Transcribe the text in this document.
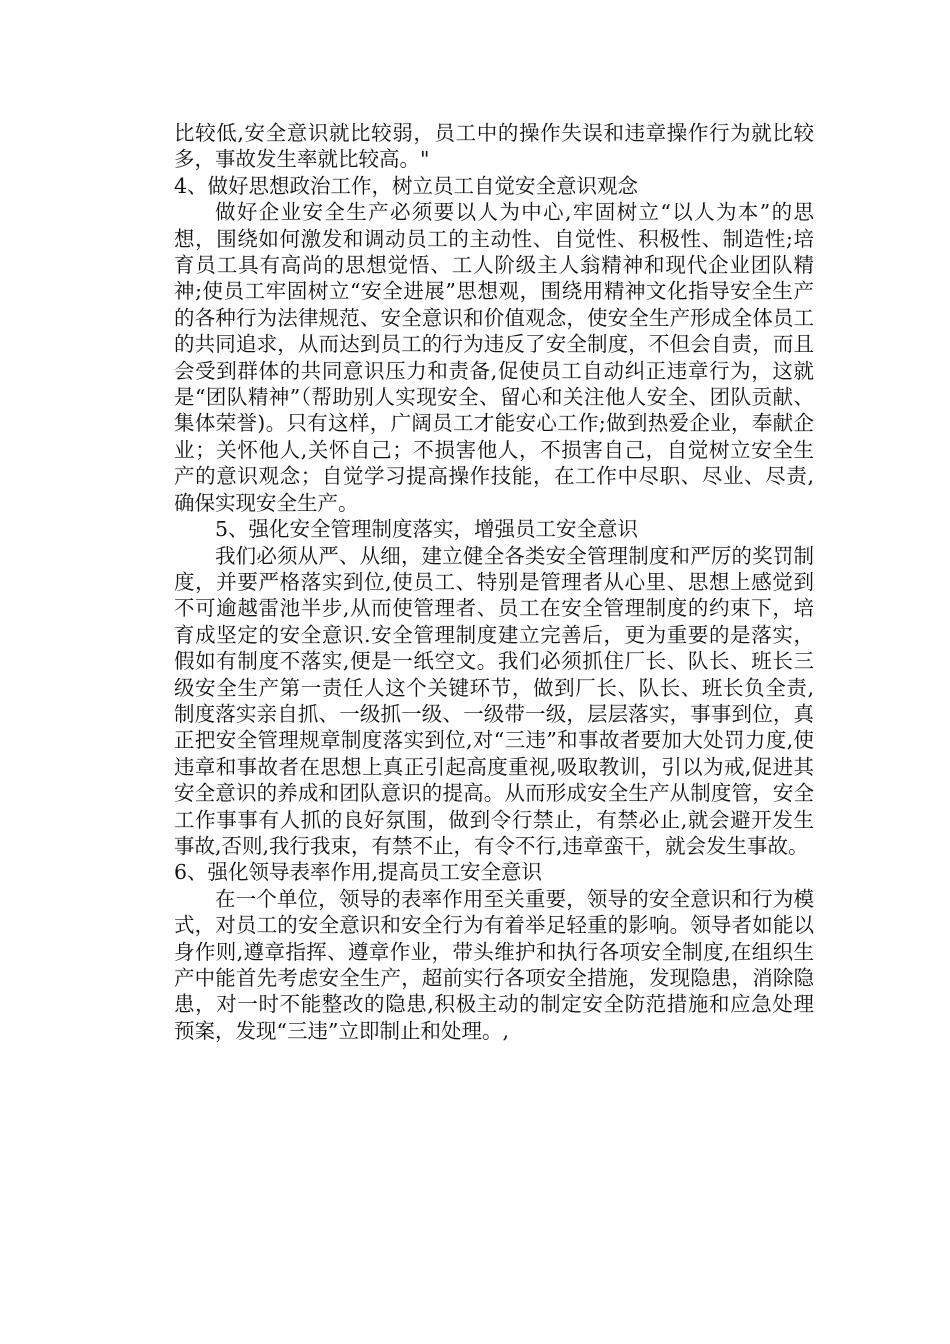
比较低,安全意识就比较弱，员工中的操作失误和违章操作行为就比较多，事故发生率就比较高。"

4、做好思想政治工作，树立员工自觉安全意识观念

做好企业安全生产必须要以人为中心,牢固树立“以人为本”的思想，围绕如何激发和调动员工的主动性、自觉性、积极性、制造性;培育员工具有高尚的思想觉悟、工人阶级主人翁精神和现代企业团队精神;使员工牢固树立“安全进展”思想观，围绕用精神文化指导安全生产的各种行为法律规范、安全意识和价值观念，使安全生产形成全体员工的共同追求，从而达到员工的行为违反了安全制度，不但会自责，而且会受到群体的共同意识压力和责备,促使员工自动纠正违章行为，这就是“团队精神”（帮助别人实现安全、留心和关注他人安全、团队贡献、集体荣誉)。只有这样，广阔员工才能安心工作;做到热爱企业，奉献企业；关怀他人,关怀自己；不损害他人，不损害自己，自觉树立安全生产的意识观念；自觉学习提高操作技能，在工作中尽职、尽业、尽责,确保实现安全生产。

5、强化安全管理制度落实，增强员工安全意识

我们必须从严、从细，建立健全各类安全管理制度和严厉的奖罚制度，并要严格落实到位,使员工、特别是管理者从心里、思想上感觉到不可逾越雷池半步,从而使管理者、员工在安全管理制度的约束下，培育成坚定的安全意识.安全管理制度建立完善后，更为重要的是落实，假如有制度不落实,便是一纸空文。我们必须抓住厂长、队长、班长三级安全生产第一责任人这个关键环节，做到厂长、队长、班长负全责,制度落实亲自抓、一级抓一级、一级带一级，层层落实，事事到位，真正把安全管理规章制度落实到位,对“三违”和事故者要加大处罚力度,使违章和事故者在思想上真正引起高度重视,吸取教训，引以为戒,促进其安全意识的养成和团队意识的提高。从而形成安全生产从制度管，安全工作事事有人抓的良好氛围，做到令行禁止，有禁必止,就会避开发生事故,否则,我行我束，有禁不止，有令不行,违章蛮干，就会发生事故。

6、强化领导表率作用,提高员工安全意识

在一个单位，领导的表率作用至关重要，领导的安全意识和行为模式，对员工的安全意识和安全行为有着举足轻重的影响。领导者如能以身作则,遵章指挥、遵章作业，带头维护和执行各项安全制度,在组织生产中能首先考虑安全生产，超前实行各项安全措施，发现隐患，消除隐患，对一时不能整改的隐患,积极主动的制定安全防范措施和应急处理预案，发现“三违”立即制止和处理。,
